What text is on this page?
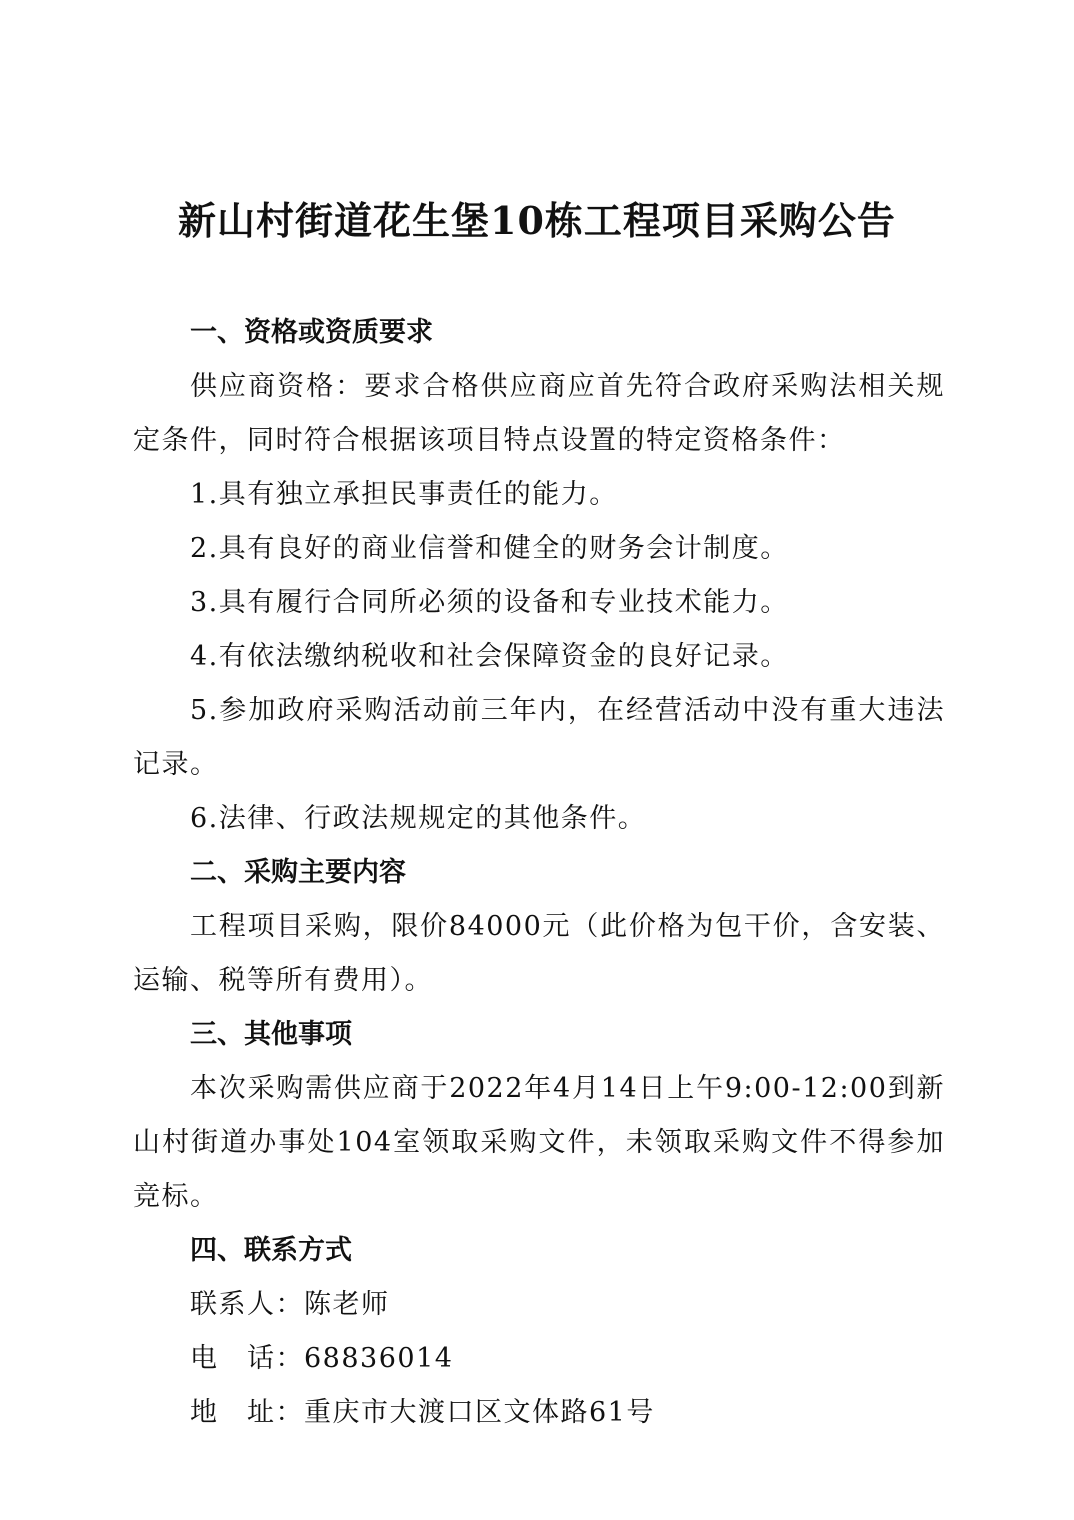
新山村街道花生堡10栋工程项目采购公告

一、资格或资质要求

供应商资格：要求合格供应商应首先符合政府采购法相关规定条件，同时符合根据该项目特点设置的特定资格条件：

1.具有独立承担民事责任的能力。

2.具有良好的商业信誉和健全的财务会计制度。

3.具有履行合同所必须的设备和专业技术能力。

4.有依法缴纳税收和社会保障资金的良好记录。

5.参加政府采购活动前三年内，在经营活动中没有重大违法记录。

6.法律、行政法规规定的其他条件。

二、采购主要内容

工程项目采购，限价84000元（此价格为包干价，含安装、运输、税等所有费用）。

三、其他事项

本次采购需供应商于2022年4月14日上午9:00-12:00到新山村街道办事处104室领取采购文件，未领取采购文件不得参加竞标。

四、联系方式

联系人：陈老师

电　话：68836014

地　址：重庆市大渡口区文体路61号
